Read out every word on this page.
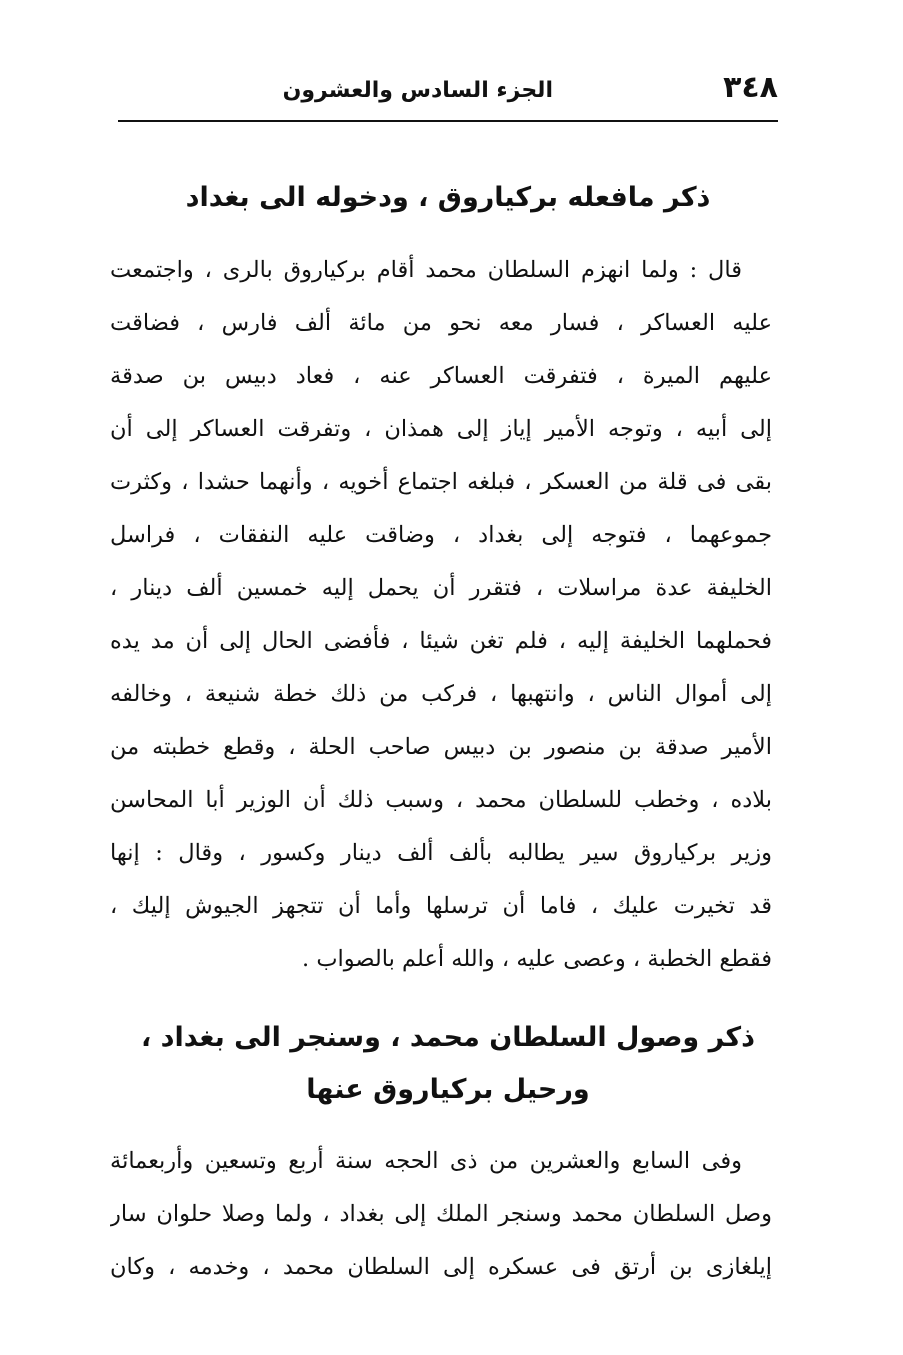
٣٤٨
الجزء السادس والعشرون
ذكر مافعله بركياروق ، ودخوله الى بغداد
قال : ولما انهزم السلطان محمد أقام بركياروق بالرى ، واجتمعت
عليه العساكر ، فسار معه نحو من مائة ألف فارس ، فضاقت
عليهم الميرة ، فتفرقت العساكر عنه ، فعاد دبيس بن صدقة
إلى أبيه ، وتوجه الأمير إياز إلى همذان ، وتفرقت العساكر إلى أن
بقى فى قلة من العسكر ، فبلغه اجتماع أخويه ، وأنهما حشدا ، وكثرت
جموعهما ، فتوجه إلى بغداد ، وضاقت عليه النفقات ، فراسل
الخليفة عدة مراسلات ، فتقرر أن يحمل إليه خمسين ألف دينار ،
فحملهما الخليفة إليه ، فلم تغن شيئا ، فأفضى الحال إلى أن مد يده
إلى أموال الناس ، وانتهبها ، فركب من ذلك خطة شنيعة ، وخالفه
الأمير صدقة بن منصور بن دبيس صاحب الحلة ، وقطع خطبته من
بلاده ، وخطب للسلطان محمد ، وسبب ذلك أن الوزير أبا المحاسن
وزير بركياروق سير يطالبه بألف ألف دينار وكسور ، وقال : إنها
قد تخيرت عليك ، فاما أن ترسلها وأما أن تتجهز الجيوش إليك ،
فقطع الخطبة ، وعصى عليه ، والله أعلم بالصواب .
ذكر وصول السلطان محمد ، وسنجر الى بغداد ،
ورحيل بركياروق عنها
وفى السابع والعشرين من ذى الحجه سنة أربع وتسعين وأربعمائة
وصل السلطان محمد وسنجر الملك إلى بغداد ، ولما وصلا حلوان سار
إيلغازى بن أرتق فى عسكره إلى السلطان محمد ، وخدمه ، وكان
